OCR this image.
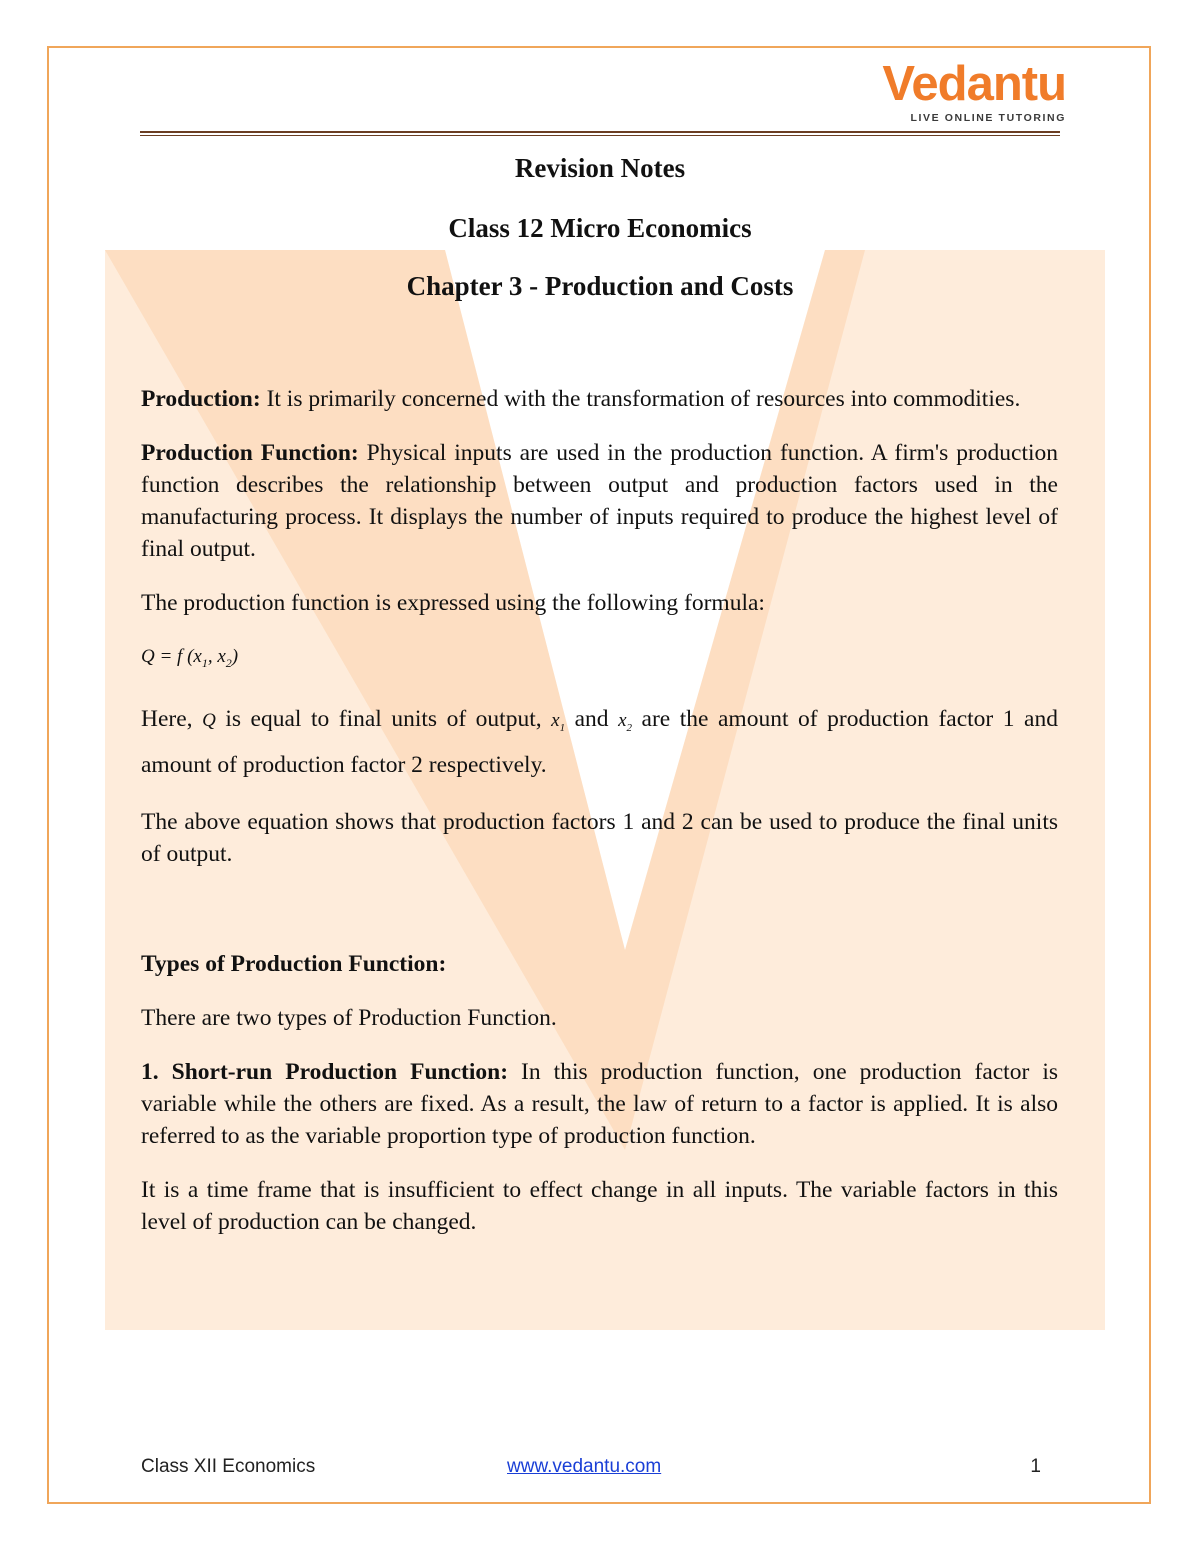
Vedantu
LIVE ONLINE TUTORING
Revision Notes
Class 12 Micro Economics
Chapter 3 - Production and Costs

Production: It is primarily concerned with the transformation of resources into commodities.

Production Function: Physical inputs are used in the production function. A firm's production function describes the relationship between output and production factors used in the manufacturing process. It displays the number of inputs required to produce the highest level of final output.

The production function is expressed using the following formula:

Q = f ($x_1$, $x_2$)

Here, Q is equal to final units of output, $x_1$ and $x_2$ are the amount of production factor 1 and amount of production factor 2 respectively.

The above equation shows that production factors 1 and 2 can be used to produce the final units of output.

Types of Production Function:

There are two types of Production Function.

1. Short-run Production Function: In this production function, one production factor is variable while the others are fixed. As a result, the law of return to a factor is applied. It is also referred to as the variable proportion type of production function.

It is a time frame that is insufficient to effect change in all inputs. The variable factors in this level of production can be changed.

Class XII Economics	www.vedantu.com	1
